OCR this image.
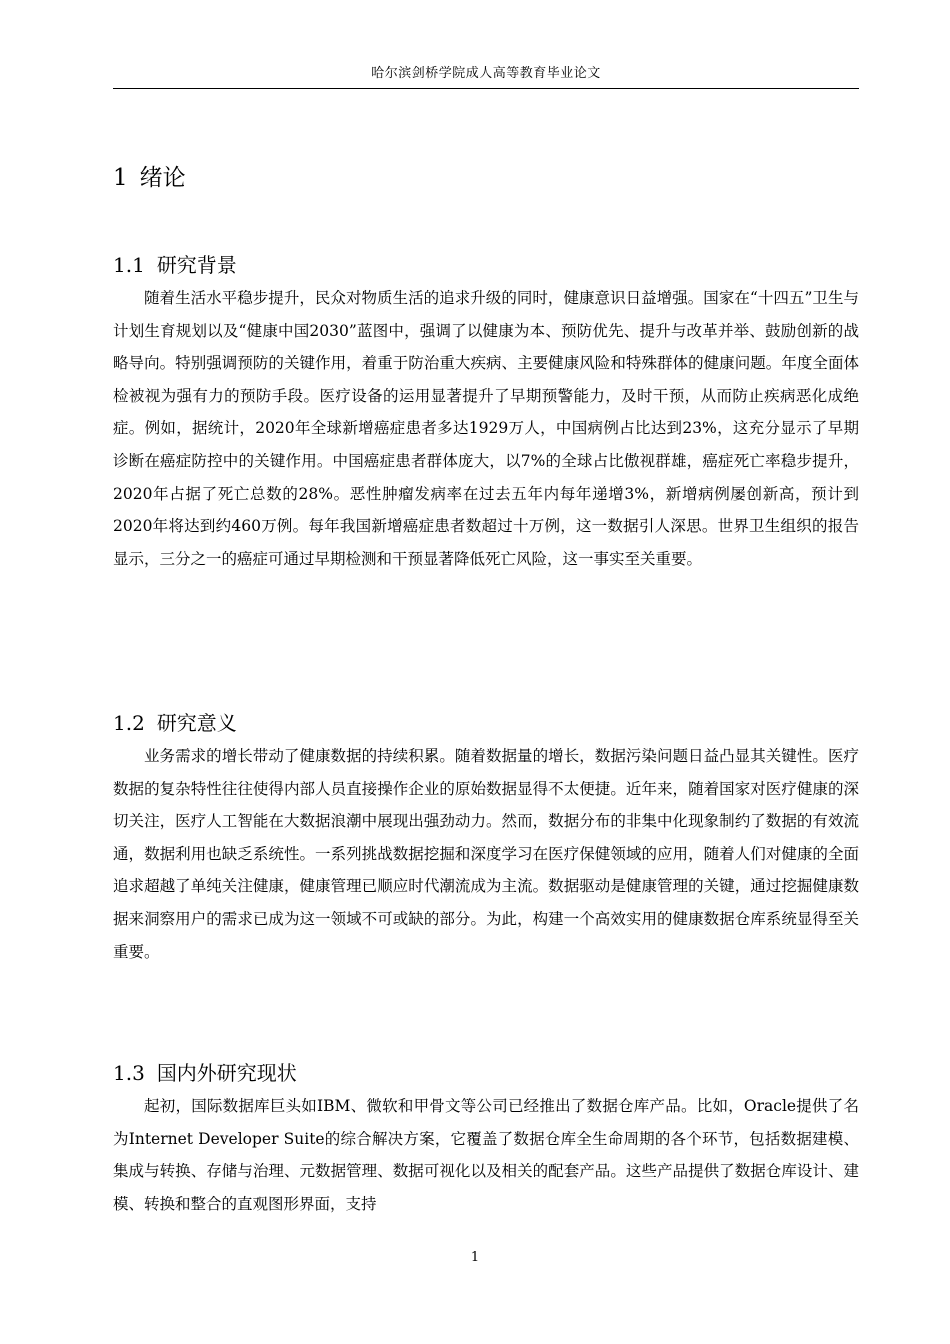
哈尔滨剑桥学院成人高等教育毕业论文
1 绪论
1.1 研究背景

随着生活水平稳步提升，民众对物质生活的追求升级的同时，健康意识日益增强。国家在“十四五”卫生与计划生育规划以及“健康中国2030”蓝图中，强调了以健康为本、预防优先、提升与改革并举、鼓励创新的战略导向。特别强调预防的关键作用，着重于防治重大疾病、主要健康风险和特殊群体的健康问题。年度全面体检被视为强有力的预防手段。医疗设备的运用显著提升了早期预警能力，及时干预，从而防止疾病恶化成绝症。例如，据统计，2020年全球新增癌症患者多达1929万人，中国病例占比达到23%，这充分显示了早期诊断在癌症防控中的关键作用。中国癌症患者群体庞大，以7%的全球占比傲视群雄，癌症死亡率稳步提升，2020年占据了死亡总数的28%。恶性肿瘤发病率在过去五年内每年递增3%，新增病例屡创新高，预计到2020年将达到约460万例。每年我国新增癌症患者数超过十万例，这一数据引人深思。世界卫生组织的报告显示，三分之一的癌症可通过早期检测和干预显著降低死亡风险，这一事实至关重要。

1.2 研究意义

业务需求的增长带动了健康数据的持续积累。随着数据量的增长，数据污染问题日益凸显其关键性。医疗数据的复杂特性往往使得内部人员直接操作企业的原始数据显得不太便捷。近年来，随着国家对医疗健康的深切关注，医疗人工智能在大数据浪潮中展现出强劲动力。然而，数据分布的非集中化现象制约了数据的有效流通，数据利用也缺乏系统性。一系列挑战数据挖掘和深度学习在医疗保健领域的应用，随着人们对健康的全面追求超越了单纯关注健康，健康管理已顺应时代潮流成为主流。数据驱动是健康管理的关键，通过挖掘健康数据来洞察用户的需求已成为这一领域不可或缺的部分。为此，构建一个高效实用的健康数据仓库系统显得至关重要。

1.3 国内外研究现状

起初，国际数据库巨头如IBM、微软和甲骨文等公司已经推出了数据仓库产品。比如，Oracle提供了名为Internet Developer Suite的综合解决方案，它覆盖了数据仓库全生命周期的各个环节，包括数据建模、集成与转换、存储与治理、元数据管理、数据可视化以及相关的配套产品。这些产品提供了数据仓库设计、建模、转换和整合的直观图形界面，支持

1
